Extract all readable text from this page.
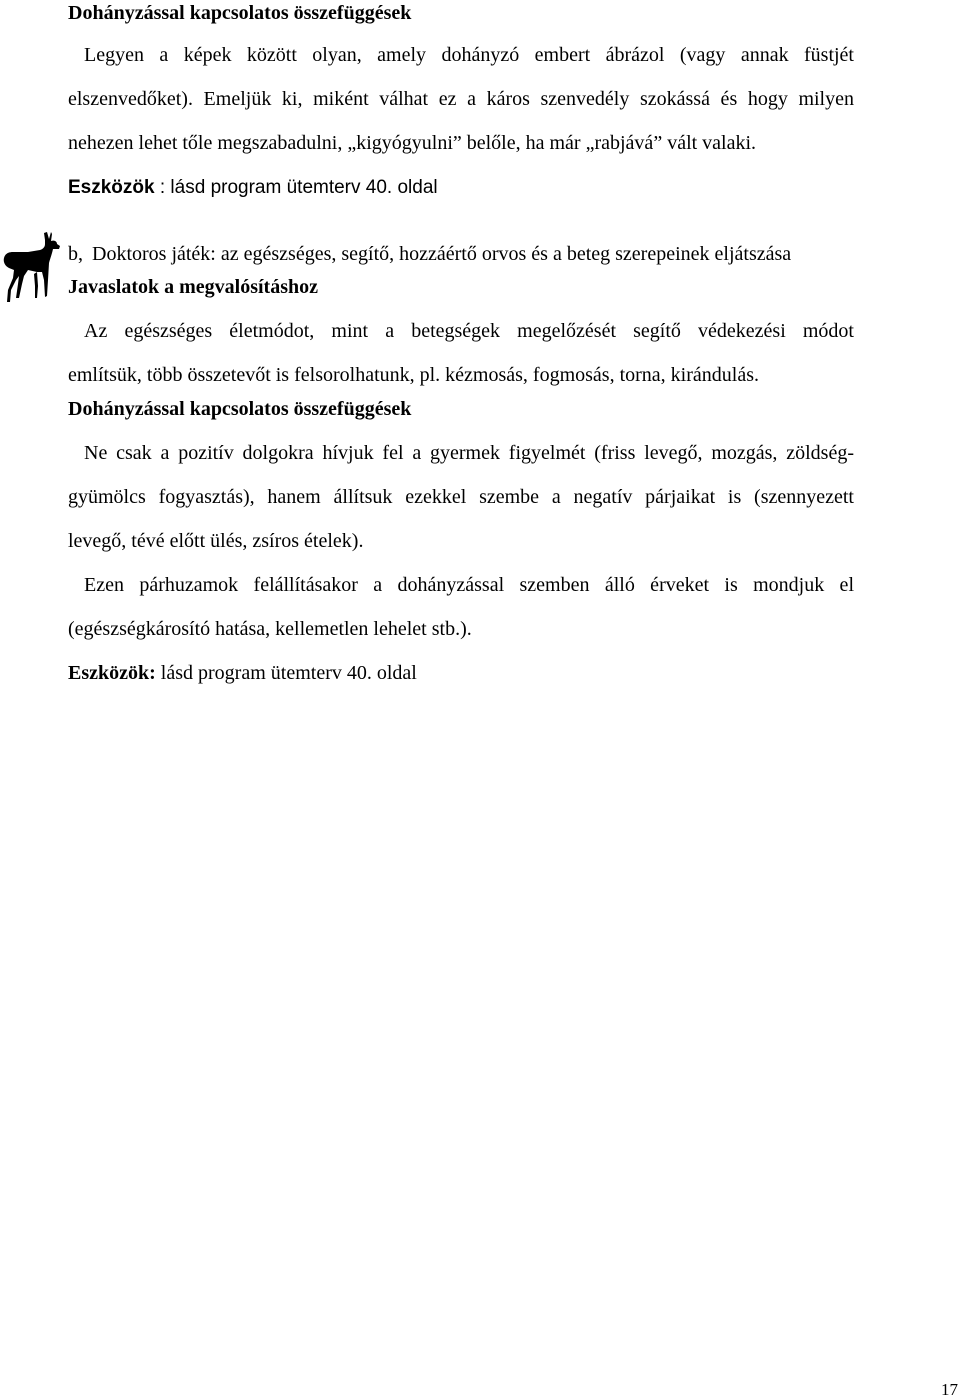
Dohányzással kapcsolatos összefüggések
Legyen a képek között olyan, amely dohányzó embert ábrázol (vagy annak füstjét
elszenvedőket). Emeljük ki, miként válhat ez a káros szenvedély szokássá és hogy milyen
nehezen lehet tőle megszabadulni, „kigyógyulni” belőle, ha már „rabjává” vált valaki.
Eszközök : lásd program ütemterv 40. oldal
b, Doktoros játék: az egészséges, segítő, hozzáértő orvos és a beteg szerepeinek eljátszása
Javaslatok a megvalósításhoz
Az egészséges életmódot, mint a betegségek megelőzését segítő védekezési módot
említsük, több összetevőt is felsorolhatunk, pl. kézmosás, fogmosás, torna, kirándulás.
Dohányzással kapcsolatos összefüggések
Ne csak a pozitív dolgokra hívjuk fel a gyermek figyelmét (friss levegő, mozgás, zöldség-
gyümölcs fogyasztás), hanem állítsuk ezekkel szembe a negatív párjaikat is (szennyezett
levegő, tévé előtt ülés, zsíros ételek).
Ezen párhuzamok felállításakor a dohányzással szemben álló érveket is mondjuk el
(egészségkárosító hatása, kellemetlen lehelet stb.).
Eszközök: lásd program ütemterv 40. oldal
17
